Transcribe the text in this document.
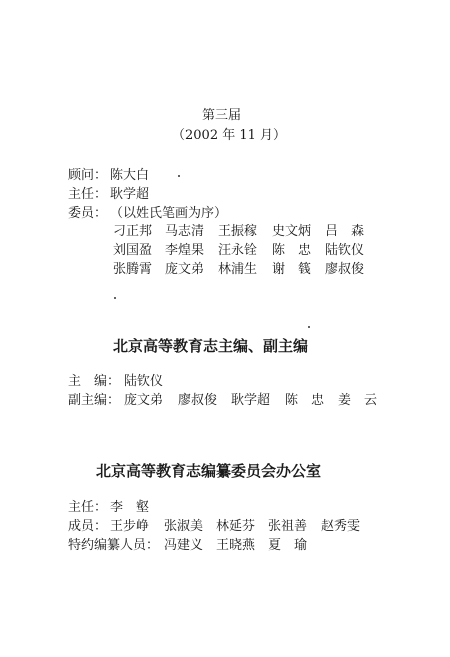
第三届
（2002 年 11 月）
顾问： 陈大白
主任： 耿学超
委员： （以姓氏笔画为序）
刁正邦 马志清 王振稼 史文炳 吕　森
刘国盈 李煌果 汪永铨 陈　忠 陆钦仪
张腾霄 庞文弟 林浦生 谢　篯 廖叔俊
北京高等教育志主编、副主编
主　编： 陆钦仪
副主编： 庞文弟 廖叔俊 耿学超 陈　忠 姜　云
北京高等教育志编纂委员会办公室
主任： 李　壑
成员： 王步峥 张淑美 林延芬 张祖善 赵秀雯
特约编纂人员： 冯建义 王晓燕 夏　瑜
